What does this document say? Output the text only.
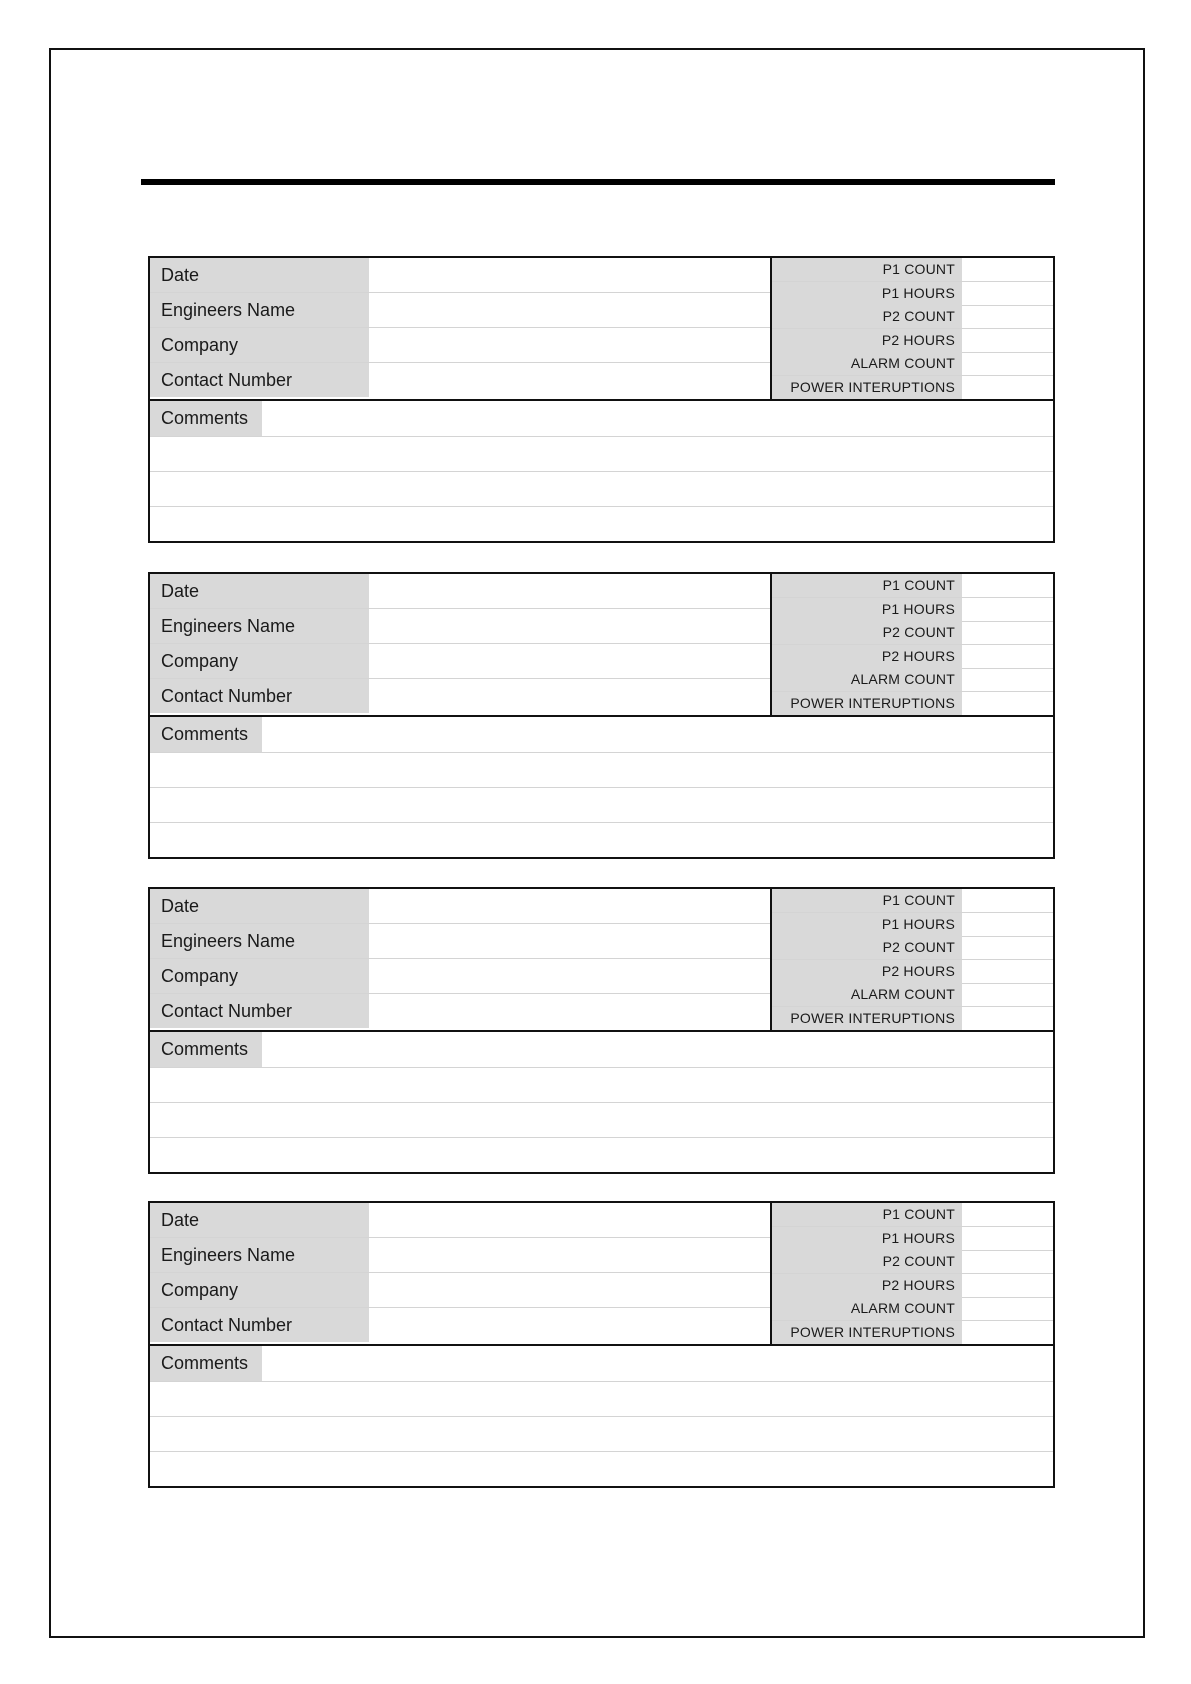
Date
Engineers Name
Company
Contact Number
P1 COUNT
P1 HOURS
P2 COUNT
P2 HOURS
ALARM COUNT
POWER INTERUPTIONS
Comments
Date
Engineers Name
Company
Contact Number
P1 COUNT
P1 HOURS
P2 COUNT
P2 HOURS
ALARM COUNT
POWER INTERUPTIONS
Comments
Date
Engineers Name
Company
Contact Number
P1 COUNT
P1 HOURS
P2 COUNT
P2 HOURS
ALARM COUNT
POWER INTERUPTIONS
Comments
Date
Engineers Name
Company
Contact Number
P1 COUNT
P1 HOURS
P2 COUNT
P2 HOURS
ALARM COUNT
POWER INTERUPTIONS
Comments
